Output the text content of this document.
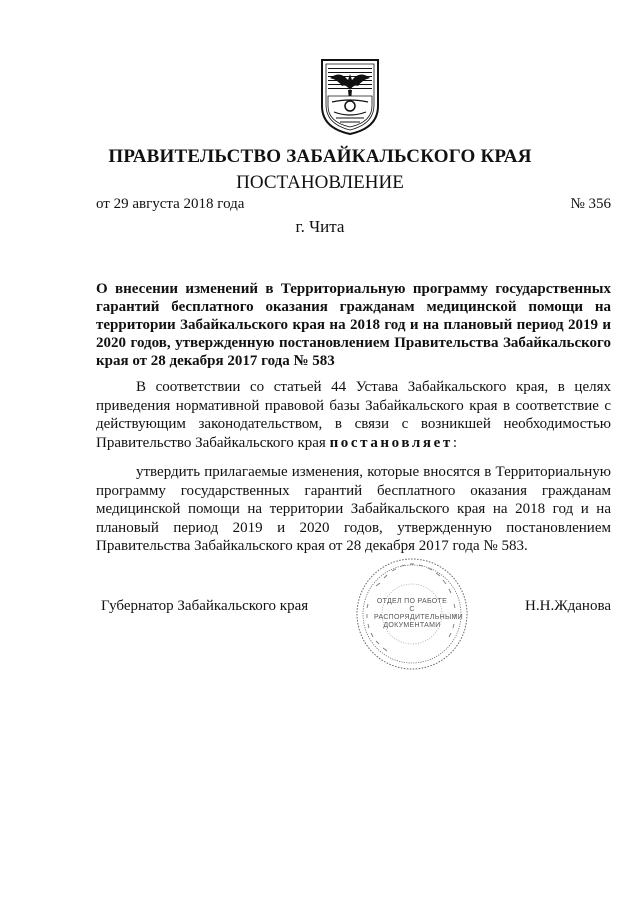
ПРАВИТЕЛЬСТВО ЗАБАЙКАЛЬСКОГО КРАЯ
ПОСТАНОВЛЕНИЕ
от 29 августа 2018 года	№ 356
г. Чита
О внесении изменений в Территориальную программу государственных гарантий бесплатного оказания гражданам медицинской помощи на территории Забайкальского края на 2018 год и на плановый период 2019 и 2020 годов, утвержденную постановлением Правительства Забайкальского края от 28 декабря 2017 года № 583

В соответствии со статьей 44 Устава Забайкальского края, в целях приведения нормативной правовой базы Забайкальского края в соответствие с действующим законодательством, в связи с возникшей необходимостью Правительство Забайкальского края постановляет:

утвердить прилагаемые изменения, которые вносятся в Территориальную программу государственных гарантий бесплатного оказания гражданам медицинской помощи на территории Забайкальского края на 2018 год и на плановый период 2019 и 2020 годов, утвержденную постановлением Правительства Забайкальского края от 28 декабря 2017 года № 583.

Губернатор Забайкальского края	Н.Н.Жданова
ОТДЕЛ ПО РАБОТЕ С РАСПОРЯДИТЕЛЬНЫМИ ДОКУМЕНТАМИ
